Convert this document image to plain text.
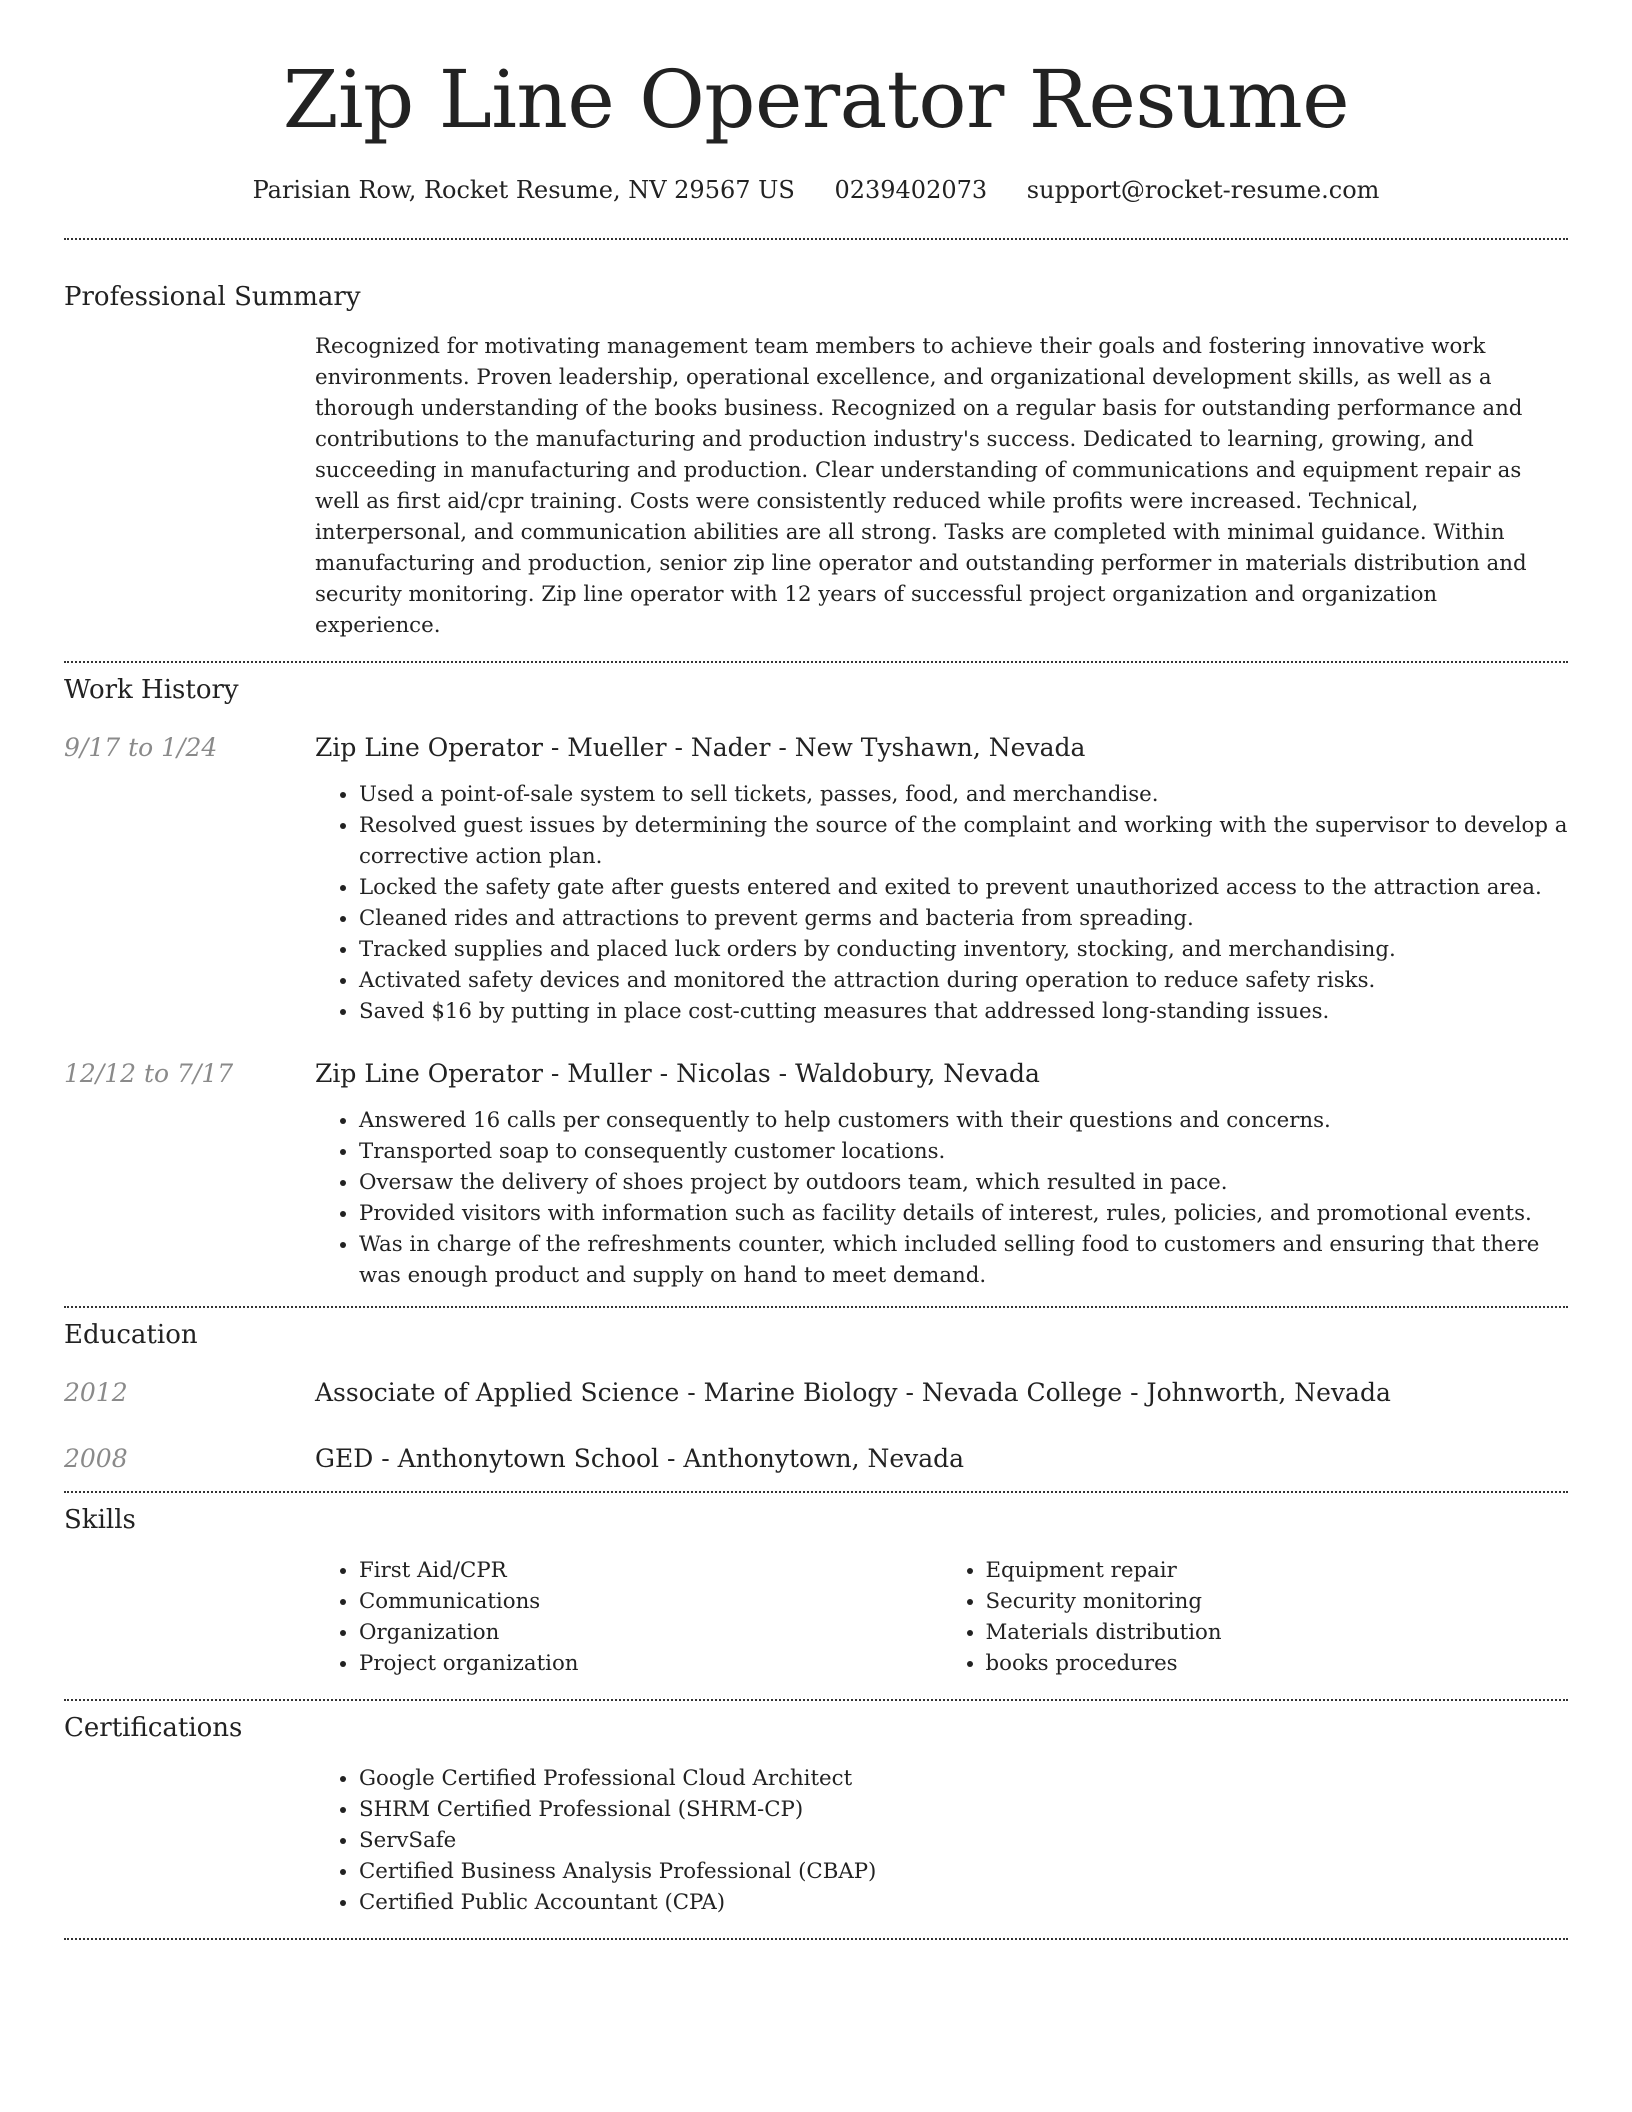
Zip Line Operator Resume
Parisian Row, Rocket Resume, NV 29567 US 0239402073 support@rocket-resume.com
Professional Summary

Recognized for motivating management team members to achieve their goals and fostering innovative work environments. Proven leadership, operational excellence, and organizational development skills, as well as a thorough understanding of the books business. Recognized on a regular basis for outstanding performance and contributions to the manufacturing and production industry's success. Dedicated to learning, growing, and succeeding in manufacturing and production. Clear understanding of communications and equipment repair as well as first aid/cpr training. Costs were consistently reduced while profits were increased. Technical, interpersonal, and communication abilities are all strong. Tasks are completed with minimal guidance. Within manufacturing and production, senior zip line operator and outstanding performer in materials distribution and security monitoring. Zip line operator with 12 years of successful project organization and organization experience.

Work History
9/17 to 1/24	Zip Line Operator - Mueller - Nader - New Tyshawn, Nevada
• Used a point-of-sale system to sell tickets, passes, food, and merchandise.
• Resolved guest issues by determining the source of the complaint and working with the supervisor to develop a corrective action plan.
• Locked the safety gate after guests entered and exited to prevent unauthorized access to the attraction area.
• Cleaned rides and attractions to prevent germs and bacteria from spreading.
• Tracked supplies and placed luck orders by conducting inventory, stocking, and merchandising.
• Activated safety devices and monitored the attraction during operation to reduce safety risks.
• Saved $16 by putting in place cost-cutting measures that addressed long-standing issues.
12/12 to 7/17	Zip Line Operator - Muller - Nicolas - Waldobury, Nevada
• Answered 16 calls per consequently to help customers with their questions and concerns.
• Transported soap to consequently customer locations.
• Oversaw the delivery of shoes project by outdoors team, which resulted in pace.
• Provided visitors with information such as facility details of interest, rules, policies, and promotional events.
• Was in charge of the refreshments counter, which included selling food to customers and ensuring that there was enough product and supply on hand to meet demand.
Education
2012	Associate of Applied Science - Marine Biology - Nevada College - Johnworth, Nevada
2008	GED - Anthonytown School - Anthonytown, Nevada
Skills
• First Aid/CPR
• Communications
• Organization
• Project organization
• Equipment repair
• Security monitoring
• Materials distribution
• books procedures
Certifications
• Google Certified Professional Cloud Architect
• SHRM Certified Professional (SHRM-CP)
• ServSafe
• Certified Business Analysis Professional (CBAP)
• Certified Public Accountant (CPA)
